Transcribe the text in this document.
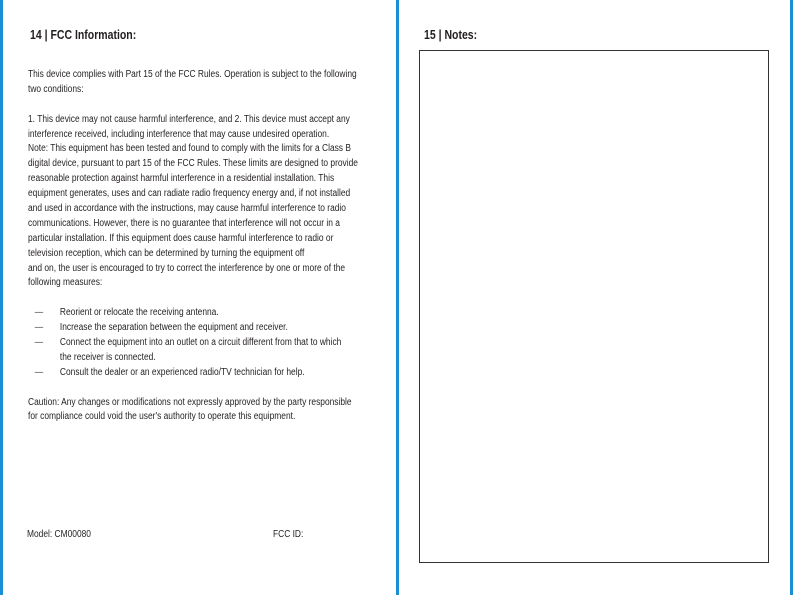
14 | FCC Information:
This device complies with Part 15 of the FCC Rules. Operation is subject to the following
two conditions:
1. This device may not cause harmful interference, and 2. This device must accept any
interference received, including interference that may cause undesired operation.
Note: This equipment has been tested and found to comply with the limits for a Class B
digital device, pursuant to part 15 of the FCC Rules. These limits are designed to provide
reasonable protection against harmful interference in a residential installation. This
equipment generates, uses and can radiate radio frequency energy and, if not installed
and used in accordance with the instructions, may cause harmful interference to radio
communications. However, there is no guarantee that interference will not occur in a
particular installation. If this equipment does cause harmful interference to radio or
television reception, which can be determined by turning the equipment off
and on, the user is encouraged to try to correct the interference by one or more of the
following measures:
— Reorient or relocate the receiving antenna.
— Increase the separation between the equipment and receiver.
— Connect the equipment into an outlet on a circuit different from that to which
the receiver is connected.
— Consult the dealer or an experienced radio/TV technician for help.
Caution: Any changes or modifications not expressly approved by the party responsible
for compliance could void the user's authority to operate this equipment.
Model: CM00080	FCC ID:
15 | Notes:
